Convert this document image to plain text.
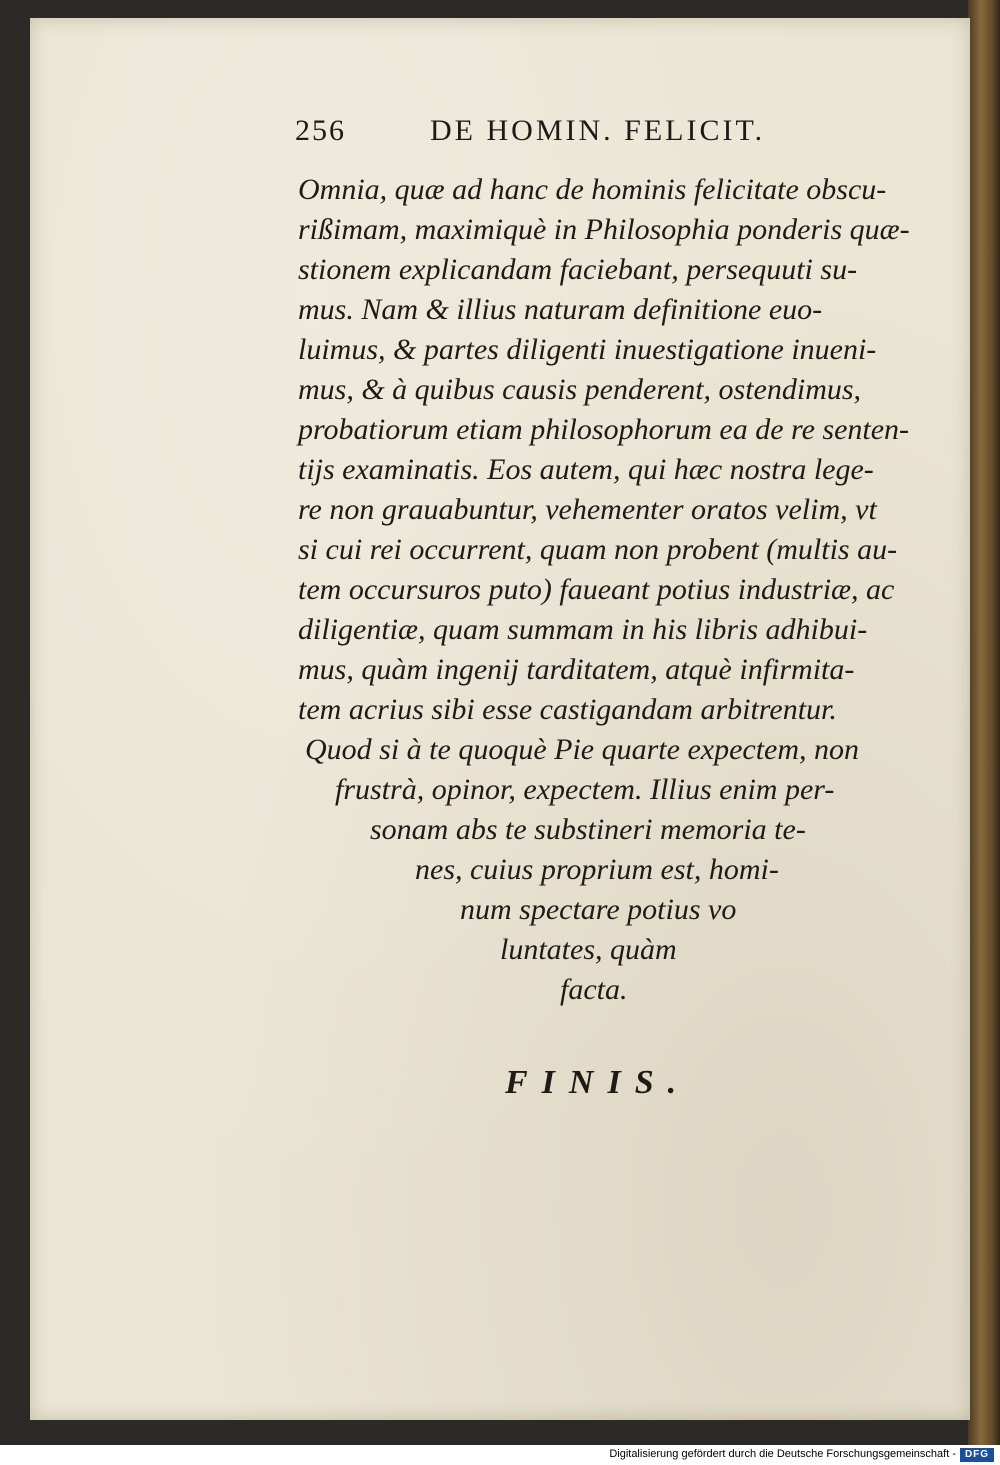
256	DE HOMIN. FELICIT.
Omnia, quæ ad hanc de hominis felicitate obscu-
rißimam, maximiquè in Philosophia ponderis quæ-
stionem explicandam faciebant, persequuti su-
mus. Nam & illius naturam definitione euo-
luimus, & partes diligenti inuestigatione inueni-
mus, & à quibus causis penderent, ostendimus,
probatiorum etiam philosophorum ea de re senten-
tijs examinatis. Eos autem, qui hæc nostra lege-
re non grauabuntur, vehementer oratos velim, vt
si cui rei occurrent, quam non probent (multis au-
tem occursuros puto) faueant potius industriæ, ac
diligentiæ, quam summam in his libris adhibui-
mus, quàm ingenij tarditatem, atquè infirmita-
tem acrius sibi esse castigandam arbitrentur.
Quod si à te quoquè Pie quarte expectem, non
frustrà, opinor, expectem. Illius enim per-
sonam abs te substineri memoria te-
nes, cuius proprium est, homi-
num spectare potius vo
luntates, quàm
facta.
FINIS.
Digitalisierung gefördert durch die Deutsche Forschungsgemeinschaft - DFG
